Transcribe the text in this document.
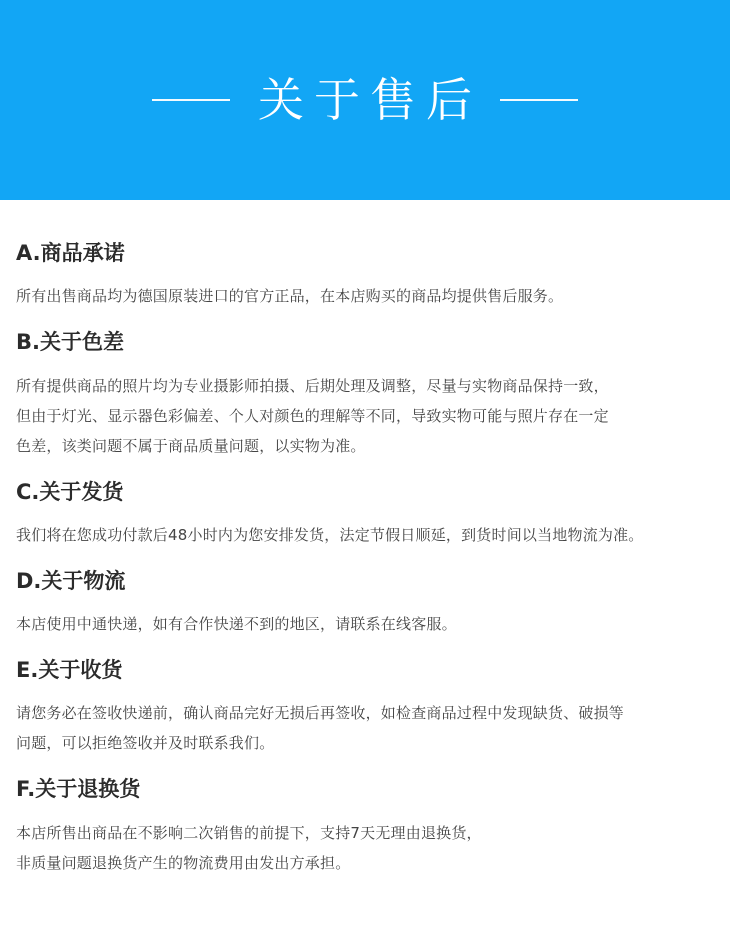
关于售后
A.商品承诺

所有出售商品均为德国原装进口的官方正品，在本店购买的商品均提供售后服务。

B.关于色差

所有提供商品的照片均为专业摄影师拍摄、后期处理及调整，尽量与实物商品保持一致，
但由于灯光、显示器色彩偏差、个人对颜色的理解等不同，导致实物可能与照片存在一定
色差，该类问题不属于商品质量问题，以实物为准。

C.关于发货

我们将在您成功付款后48小时内为您安排发货，法定节假日顺延，到货时间以当地物流为准。

D.关于物流

本店使用中通快递，如有合作快递不到的地区，请联系在线客服。

E.关于收货

请您务必在签收快递前，确认商品完好无损后再签收，如检查商品过程中发现缺货、破损等
问题，可以拒绝签收并及时联系我们。

F.关于退换货

本店所售出商品在不影响二次销售的前提下，支持7天无理由退换货，
非质量问题退换货产生的物流费用由发出方承担。
